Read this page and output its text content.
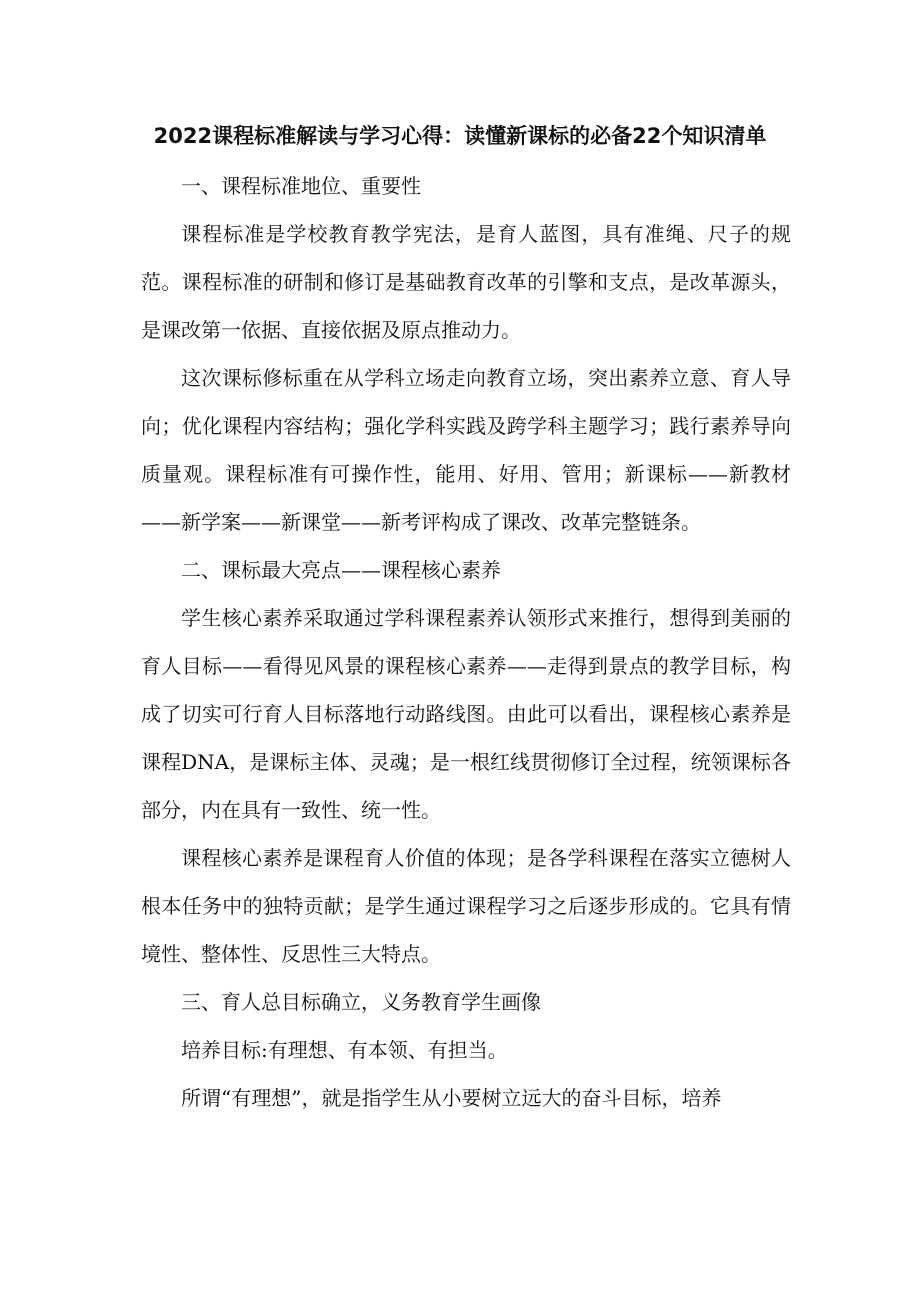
2022课程标准解读与学习心得：读懂新课标的必备22个知识清单

一、课程标准地位、重要性

课程标准是学校教育教学宪法，是育人蓝图，具有准绳、尺子的规范。课程标准的研制和修订是基础教育改革的引擎和支点，是改革源头，是课改第一依据、直接依据及原点推动力。

这次课标修标重在从学科立场走向教育立场，突出素养立意、育人导向；优化课程内容结构；强化学科实践及跨学科主题学习；践行素养导向质量观。课程标准有可操作性，能用、好用、管用；新课标——新教材——新学案——新课堂——新考评构成了课改、改革完整链条。

二、课标最大亮点——课程核心素养

学生核心素养采取通过学科课程素养认领形式来推行，想得到美丽的育人目标——看得见风景的课程核心素养——走得到景点的教学目标，构成了切实可行育人目标落地行动路线图。由此可以看出，课程核心素养是课程DNA，是课标主体、灵魂；是一根红线贯彻修订全过程，统领课标各部分，内在具有一致性、统一性。

课程核心素养是课程育人价值的体现；是各学科课程在落实立德树人根本任务中的独特贡献；是学生通过课程学习之后逐步形成的。它具有情境性、整体性、反思性三大特点。

三、育人总目标确立，义务教育学生画像

培养目标:有理想、有本领、有担当。

所谓“有理想”，就是指学生从小要树立远大的奋斗目标，培养
